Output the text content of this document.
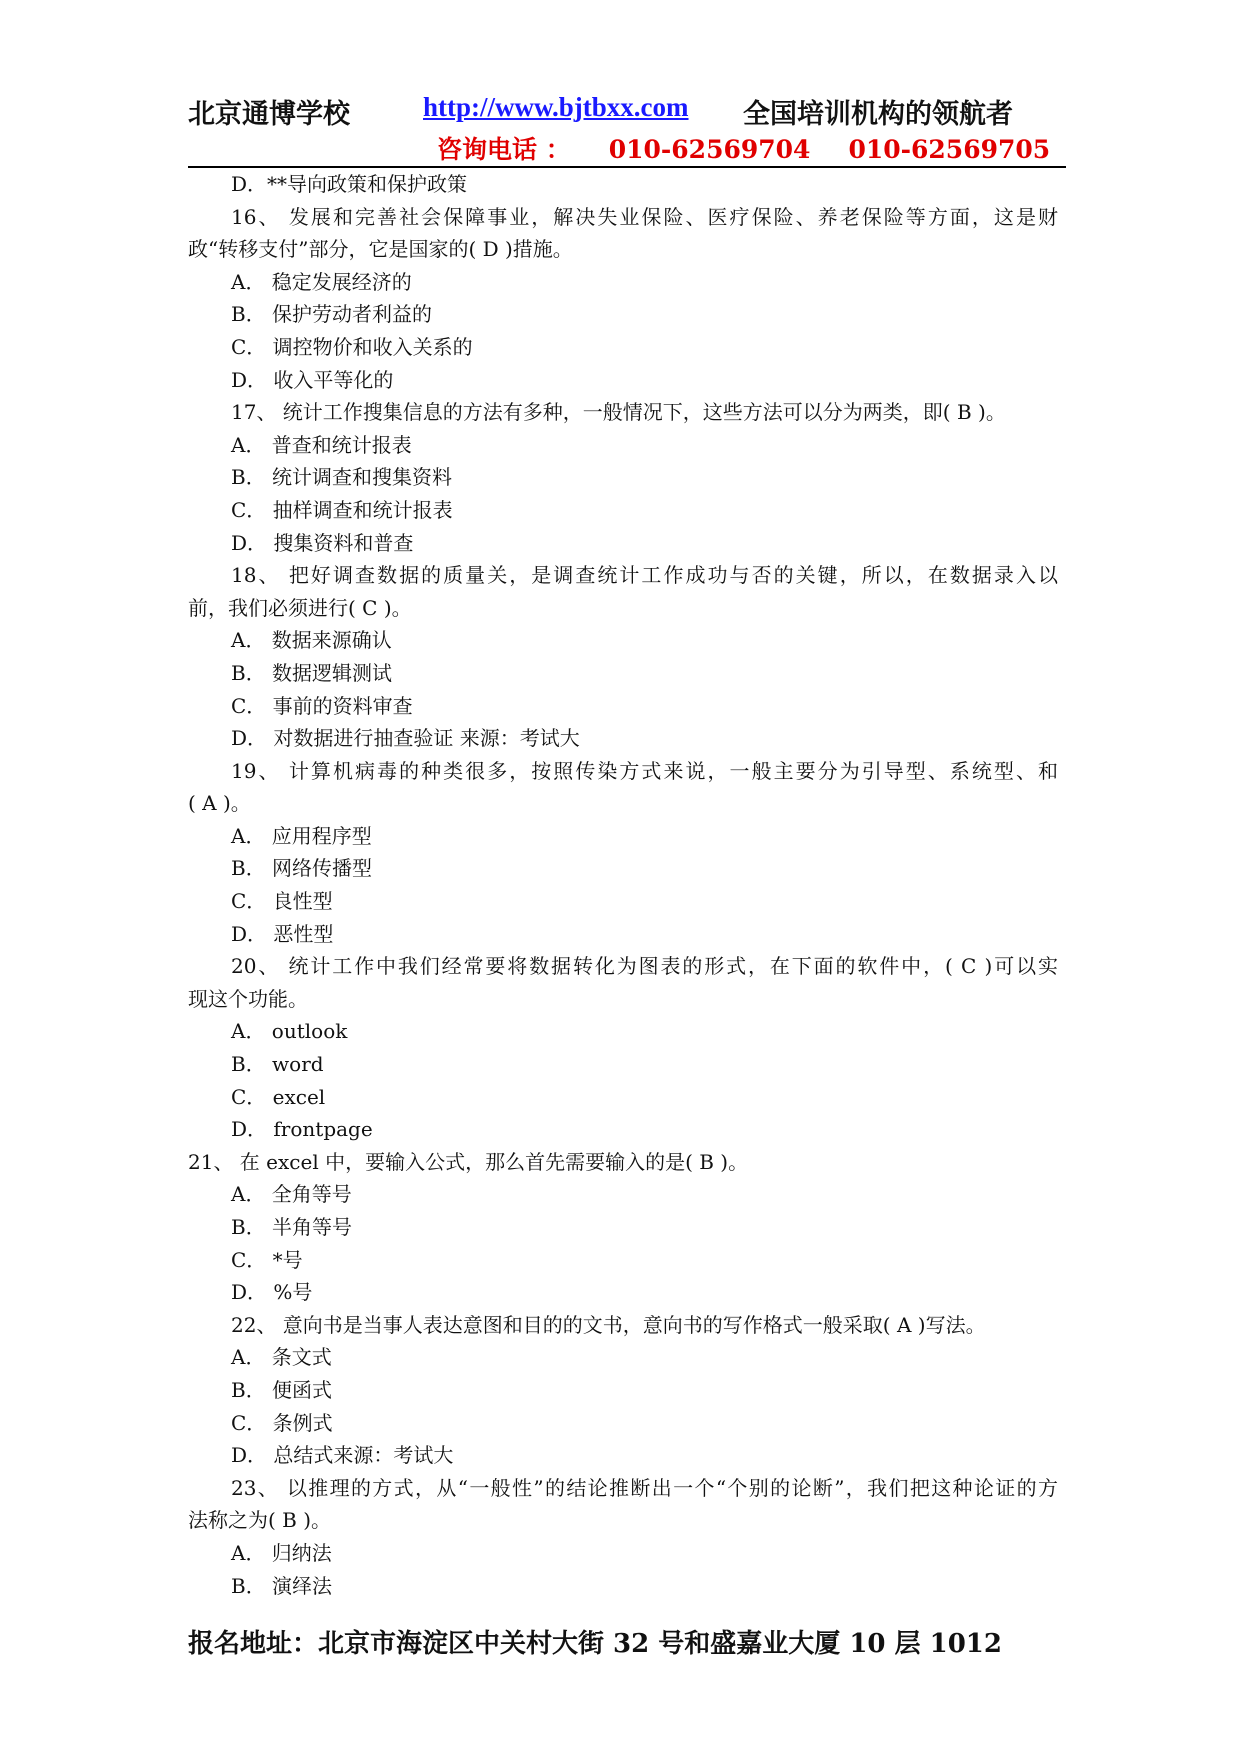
北京通博学校	http://www.bjtbxx.com 全国培训机构的领航者
咨询电话 ： 010-62569704 010-62569705
D．**导向政策和保护政策
16、 发展和完善社会保障事业，解决失业保险、医疗保险、养老保险等方面，这是财
政“转移支付”部分，它是国家的( D )措施。
A． 稳定发展经济的
B． 保护劳动者利益的
C． 调控物价和收入关系的
D． 收入平等化的
17、 统计工作搜集信息的方法有多种，一般情况下，这些方法可以分为两类，即( B )。
A． 普查和统计报表
B． 统计调查和搜集资料
C． 抽样调查和统计报表
D． 搜集资料和普查
18、 把好调查数据的质量关，是调查统计工作成功与否的关键，所以，在数据录入以
前，我们必须进行( C )。
A． 数据来源确认
B． 数据逻辑测试
C． 事前的资料审查
D． 对数据进行抽查验证 来源：考试大
19、 计算机病毒的种类很多，按照传染方式来说，一般主要分为引导型、系统型、和
( A )。
A． 应用程序型
B． 网络传播型
C． 良性型
D． 恶性型
20、 统计工作中我们经常要将数据转化为图表的形式，在下面的软件中，( C )可以实
现这个功能。
A． outlook
B． word
C． excel
D． frontpage
21、 在 excel 中，要输入公式，那么首先需要输入的是( B )。
A． 全角等号
B． 半角等号
C． *号
D． %号
22、 意向书是当事人表达意图和目的的文书，意向书的写作格式一般采取( A )写法。
A． 条文式
B． 便函式
C． 条例式
D． 总结式来源：考试大
23、 以推理的方式，从“一般性”的结论推断出一个“个别的论断”，我们把这种论证的方
法称之为( B )。
A． 归纳法
B． 演绎法
报名地址：北京市海淀区中关村大街 32 号和盛嘉业大厦 10 层 1012
